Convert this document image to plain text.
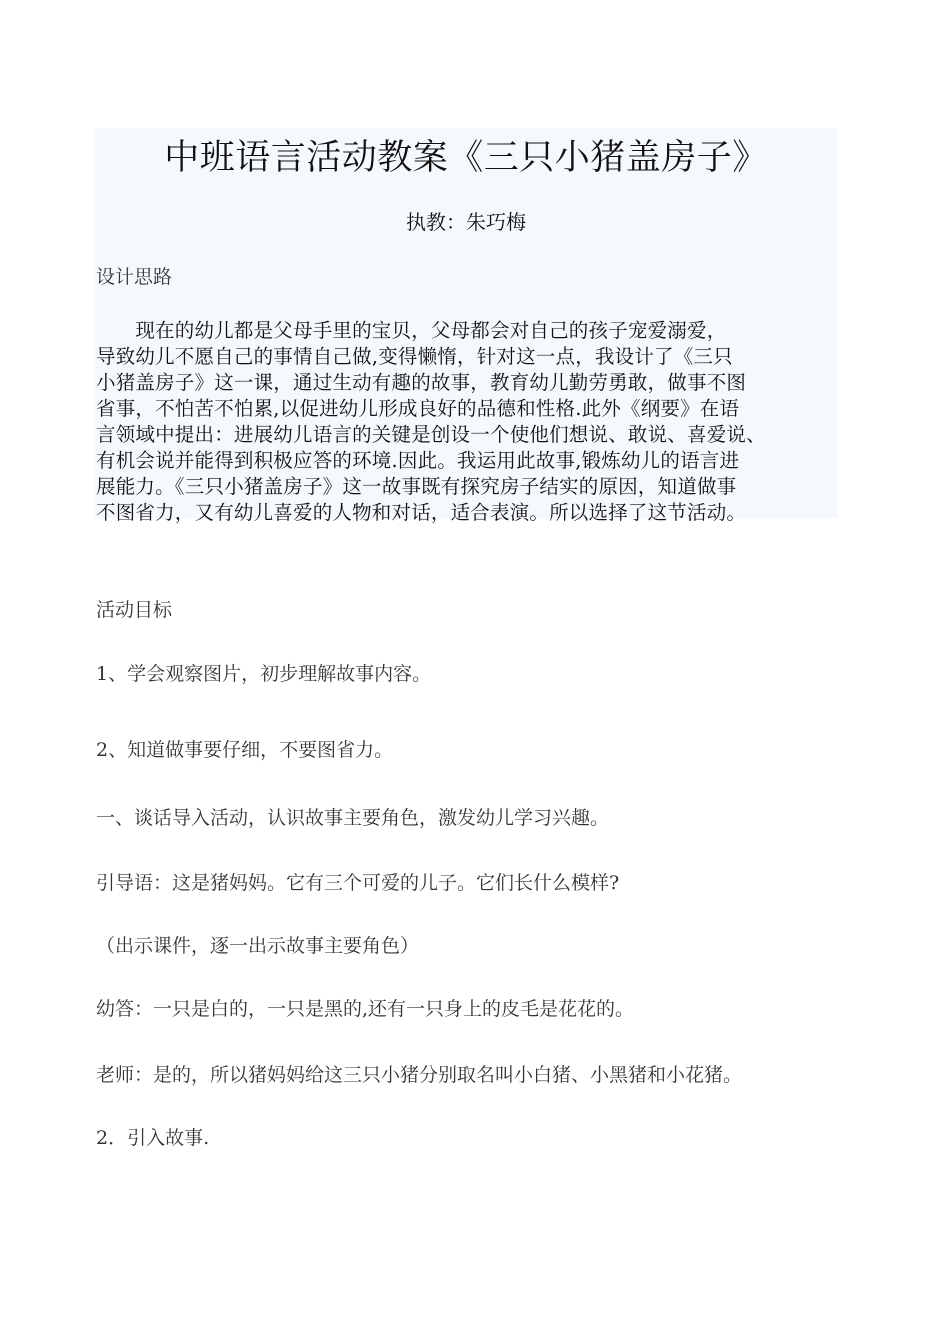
中班语言活动教案《三只小猪盖房子》
执教：朱巧梅
设计思路
　　现在的幼儿都是父母手里的宝贝，父母都会对自己的孩子宠爱溺爱，
导致幼儿不愿自己的事情自己做,变得懒惰，针对这一点，我设计了《三只
小猪盖房子》这一课，通过生动有趣的故事，教育幼儿勤劳勇敢，做事不图
省事，不怕苦不怕累,以促进幼儿形成良好的品德和性格.此外《纲要》在语
言领域中提出：进展幼儿语言的关键是创设一个使他们想说、敢说、喜爱说、
有机会说并能得到积极应答的环境.因此。我运用此故事,锻炼幼儿的语言进
展能力。《三只小猪盖房子》这一故事既有探究房子结实的原因，知道做事
不图省力，又有幼儿喜爱的人物和对话，适合表演。所以选择了这节活动。
活动目标
1、学会观察图片，初步理解故事内容。
2、知道做事要仔细，不要图省力。
一、谈话导入活动，认识故事主要角色，激发幼儿学习兴趣。
引导语：这是猪妈妈。它有三个可爱的儿子。它们长什么模样?
（出示课件，逐一出示故事主要角色）
幼答：一只是白的，一只是黑的,还有一只身上的皮毛是花花的。
老师：是的，所以猪妈妈给这三只小猪分别取名叫小白猪、小黑猪和小花猪。
2．引入故事.
